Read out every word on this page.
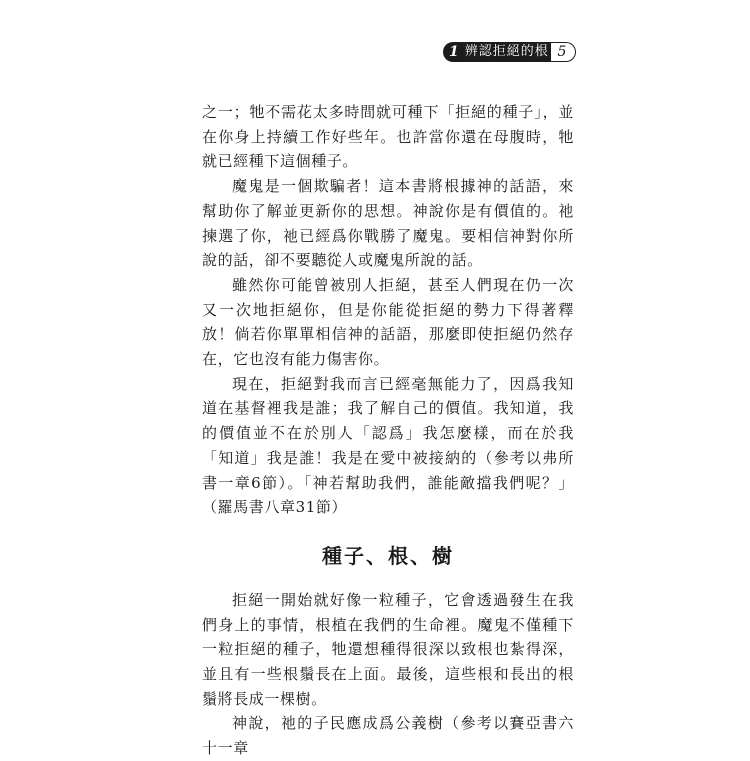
1 辨認拒絕的根 5

之一；牠不需花太多時間就可種下「拒絕的種子」，並在你身上持續工作好些年。也許當你還在母腹時，牠就已經種下這個種子。

魔鬼是一個欺騙者！這本書將根據神的話語，來幫助你了解並更新你的思想。神說你是有價值的。祂揀選了你，祂已經爲你戰勝了魔鬼。要相信神對你所說的話，卻不要聽從人或魔鬼所說的話。

雖然你可能曾被別人拒絕，甚至人們現在仍一次又一次地拒絕你，但是你能從拒絕的勢力下得著釋放！倘若你單單相信神的話語，那麼即使拒絕仍然存在，它也沒有能力傷害你。

現在，拒絕對我而言已經毫無能力了，因爲我知道在基督裡我是誰；我了解自己的價值。我知道，我的價值並不在於別人「認爲」我怎麼樣，而在於我「知道」我是誰！我是在愛中被接納的（參考以弗所書一章6節）。「神若幫助我們，誰能敵擋我們呢？」（羅馬書八章31節）

種子、根、樹

拒絕一開始就好像一粒種子，它會透過發生在我們身上的事情，根植在我們的生命裡。魔鬼不僅種下一粒拒絕的種子，牠還想種得很深以致根也紮得深，並且有一些根鬚長在上面。最後，這些根和長出的根鬚將長成一棵樹。

神說，祂的子民應成爲公義樹（參考以賽亞書六十一章
